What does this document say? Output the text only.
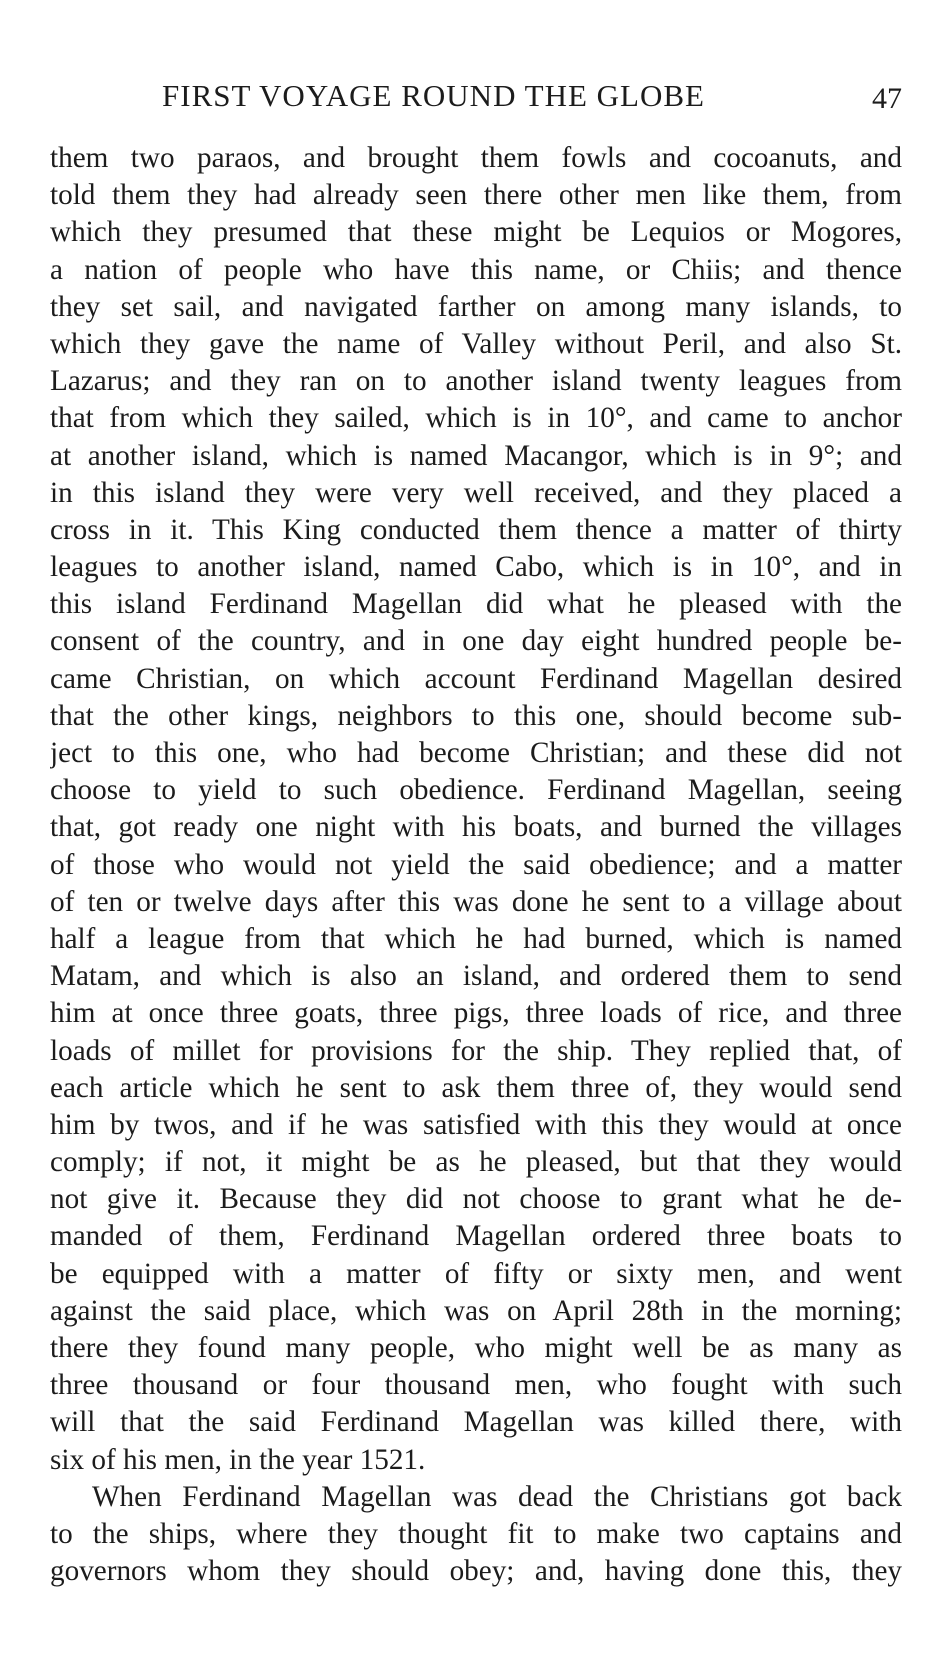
FIRST VOYAGE ROUND THE GLOBE	47
them two paraos, and brought them fowls and cocoanuts, and
told them they had already seen there other men like them, from
which they presumed that these might be Lequios or Mogores,
a nation of people who have this name, or Chiis; and thence
they set sail, and navigated farther on among many islands, to
which they gave the name of Valley without Peril, and also St.
Lazarus; and they ran on to another island twenty leagues from
that from which they sailed, which is in 10°, and came to anchor
at another island, which is named Macangor, which is in 9°; and
in this island they were very well received, and they placed a
cross in it. This King conducted them thence a matter of thirty
leagues to another island, named Cabo, which is in 10°, and in
this island Ferdinand Magellan did what he pleased with the
consent of the country, and in one day eight hundred people be-
came Christian, on which account Ferdinand Magellan desired
that the other kings, neighbors to this one, should become sub-
ject to this one, who had become Christian; and these did not
choose to yield to such obedience. Ferdinand Magellan, seeing
that, got ready one night with his boats, and burned the villages
of those who would not yield the said obedience; and a matter
of ten or twelve days after this was done he sent to a village about
half a league from that which he had burned, which is named
Matam, and which is also an island, and ordered them to send
him at once three goats, three pigs, three loads of rice, and three
loads of millet for provisions for the ship. They replied that, of
each article which he sent to ask them three of, they would send
him by twos, and if he was satisfied with this they would at once
comply; if not, it might be as he pleased, but that they would
not give it. Because they did not choose to grant what he de-
manded of them, Ferdinand Magellan ordered three boats to
be equipped with a matter of fifty or sixty men, and went
against the said place, which was on April 28th in the morning;
there they found many people, who might well be as many as
three thousand or four thousand men, who fought with such
will that the said Ferdinand Magellan was killed there, with
six of his men, in the year 1521.
When Ferdinand Magellan was dead the Christians got back
to the ships, where they thought fit to make two captains and
governors whom they should obey; and, having done this, they
